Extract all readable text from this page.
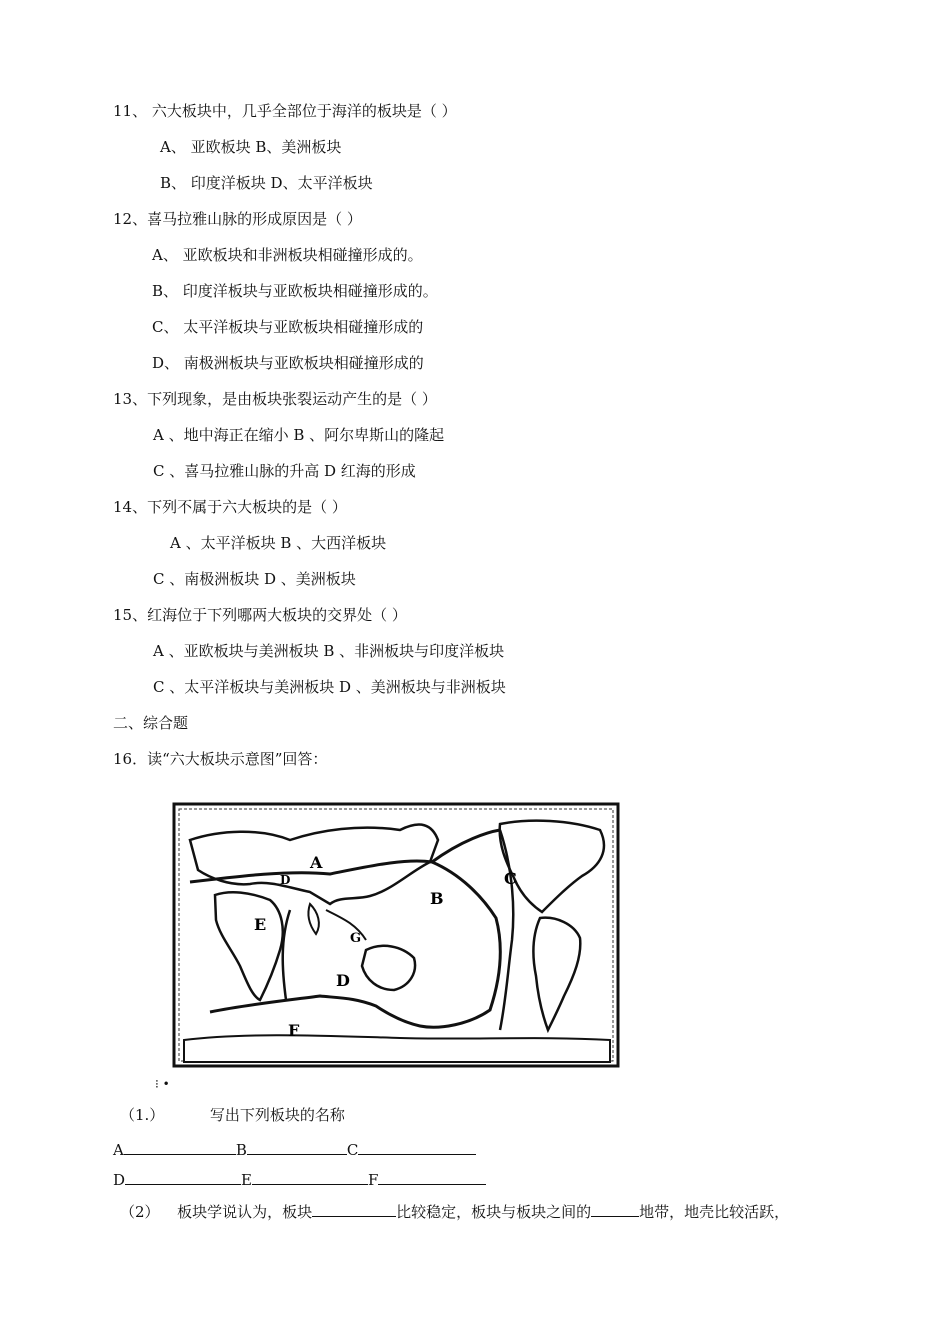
11、 六大板块中，几乎全部位于海洋的板块是（ ）
A、 亚欧板块 B、美洲板块
B、 印度洋板块 D、太平洋板块
12、喜马拉雅山脉的形成原因是（ ）
A、 亚欧板块和非洲板块相碰撞形成的。
B、 印度洋板块与亚欧板块相碰撞形成的。
C、 太平洋板块与亚欧板块相碰撞形成的
D、 南极洲板块与亚欧板块相碰撞形成的
13、下列现象，是由板块张裂运动产生的是（ ）
A 、地中海正在缩小 B 、阿尔卑斯山的隆起
C 、喜马拉雅山脉的升高 D 红海的形成
14、下列不属于六大板块的是（ ）
A 、太平洋板块 B 、大西洋板块
C 、南极洲板块 D 、美洲板块
15、红海位于下列哪两大板块的交界处（ ）
A 、亚欧板块与美洲板块 B 、非洲板块与印度洋板块
C 、太平洋板块与美洲板块 D 、美洲板块与非洲板块
二、综合题
16．读“六大板块示意图”回答：
A
B
C
D
D
E
F
G
⁝ •
（1.）	写出下列板块的名称
A	B	C
D	E	F
（2） 板块学说认为，板块	比较稳定，板块与板块之间的	地带，地壳比较活跃，
